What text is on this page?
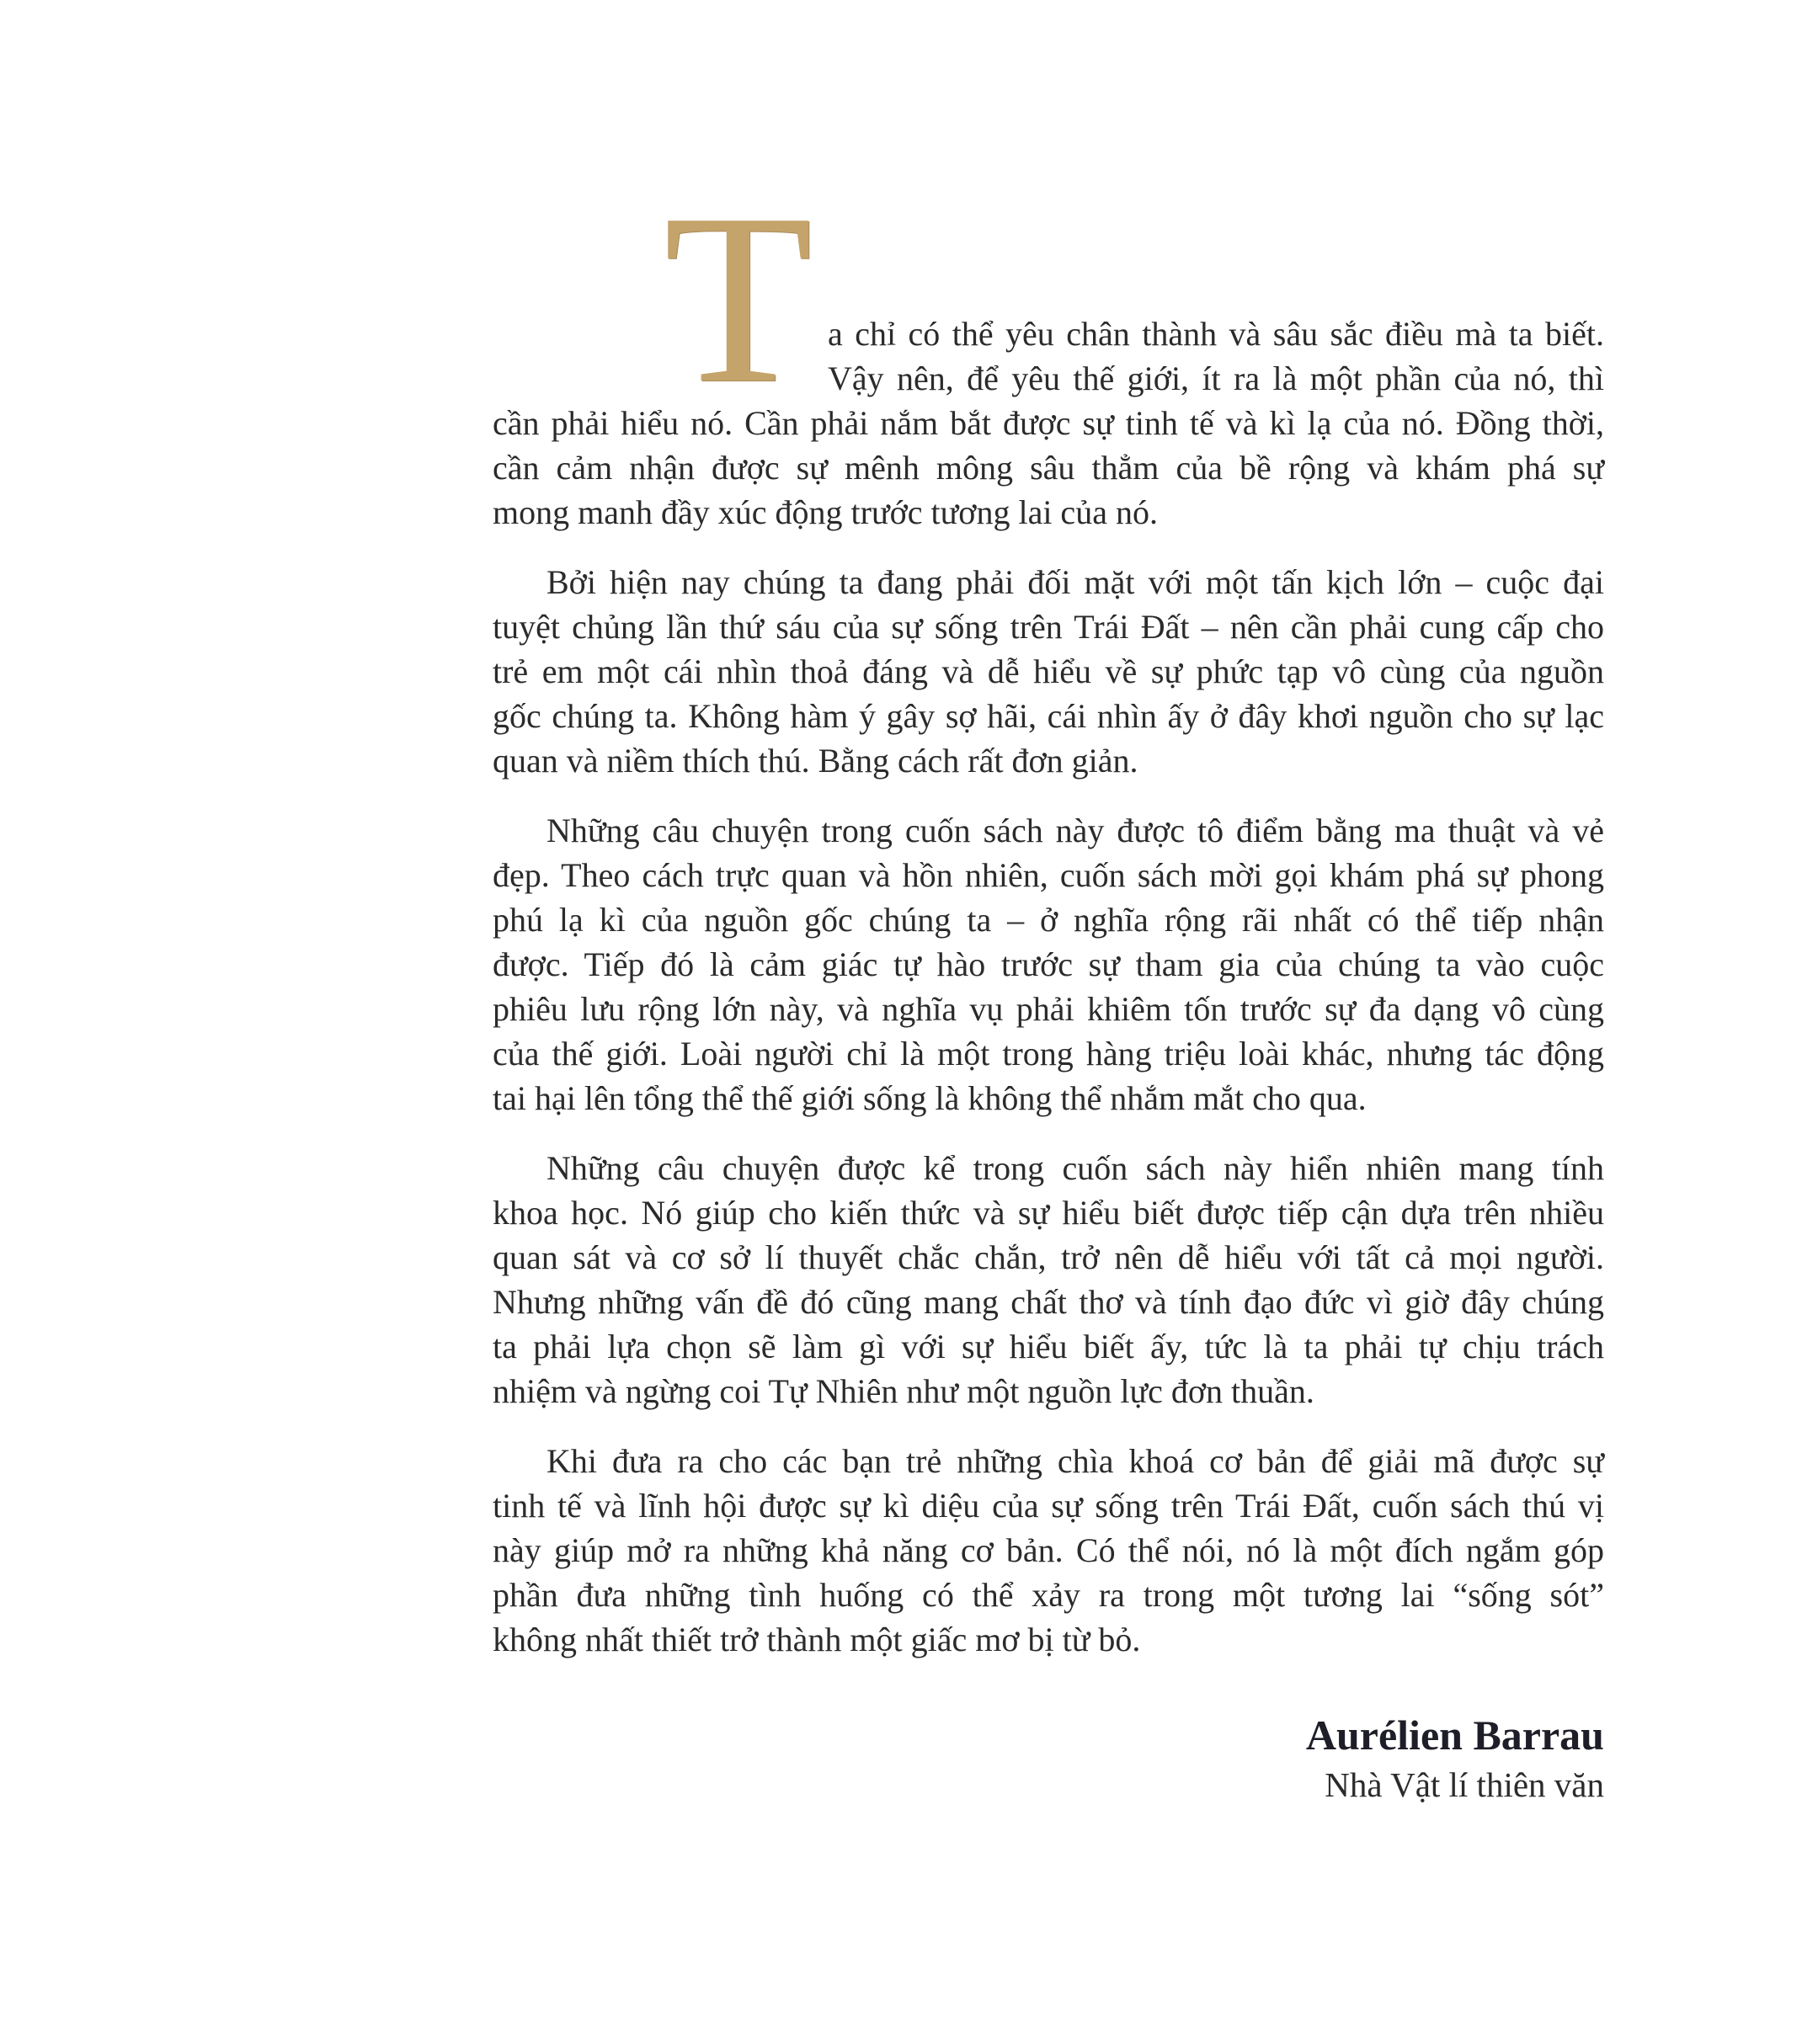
T a chỉ có thể yêu chân thành và sâu sắc điều mà ta biết.
Vậy nên, để yêu thế giới, ít ra là một phần của nó, thì
cần phải hiểu nó. Cần phải nắm bắt được sự tinh tế và kì lạ của nó. Đồng thời,
cần cảm nhận được sự mênh mông sâu thẳm của bề rộng và khám phá sự
mong manh đầy xúc động trước tương lai của nó.
Bởi hiện nay chúng ta đang phải đối mặt với một tấn kịch lớn – cuộc đại
tuyệt chủng lần thứ sáu của sự sống trên Trái Đất – nên cần phải cung cấp cho
trẻ em một cái nhìn thoả đáng và dễ hiểu về sự phức tạp vô cùng của nguồn
gốc chúng ta. Không hàm ý gây sợ hãi, cái nhìn ấy ở đây khơi nguồn cho sự lạc
quan và niềm thích thú. Bằng cách rất đơn giản.
Những câu chuyện trong cuốn sách này được tô điểm bằng ma thuật và vẻ
đẹp. Theo cách trực quan và hồn nhiên, cuốn sách mời gọi khám phá sự phong
phú lạ kì của nguồn gốc chúng ta – ở nghĩa rộng rãi nhất có thể tiếp nhận
được. Tiếp đó là cảm giác tự hào trước sự tham gia của chúng ta vào cuộc
phiêu lưu rộng lớn này, và nghĩa vụ phải khiêm tốn trước sự đa dạng vô cùng
của thế giới. Loài người chỉ là một trong hàng triệu loài khác, nhưng tác động
tai hại lên tổng thể thế giới sống là không thể nhắm mắt cho qua.
Những câu chuyện được kể trong cuốn sách này hiển nhiên mang tính
khoa học. Nó giúp cho kiến thức và sự hiểu biết được tiếp cận dựa trên nhiều
quan sát và cơ sở lí thuyết chắc chắn, trở nên dễ hiểu với tất cả mọi người.
Nhưng những vấn đề đó cũng mang chất thơ và tính đạo đức vì giờ đây chúng
ta phải lựa chọn sẽ làm gì với sự hiểu biết ấy, tức là ta phải tự chịu trách
nhiệm và ngừng coi Tự Nhiên như một nguồn lực đơn thuần.
Khi đưa ra cho các bạn trẻ những chìa khoá cơ bản để giải mã được sự
tinh tế và lĩnh hội được sự kì diệu của sự sống trên Trái Đất, cuốn sách thú vị
này giúp mở ra những khả năng cơ bản. Có thể nói, nó là một đích ngắm góp
phần đưa những tình huống có thể xảy ra trong một tương lai “sống sót”
không nhất thiết trở thành một giấc mơ bị từ bỏ.
Aurélien Barrau
Nhà Vật lí thiên văn
